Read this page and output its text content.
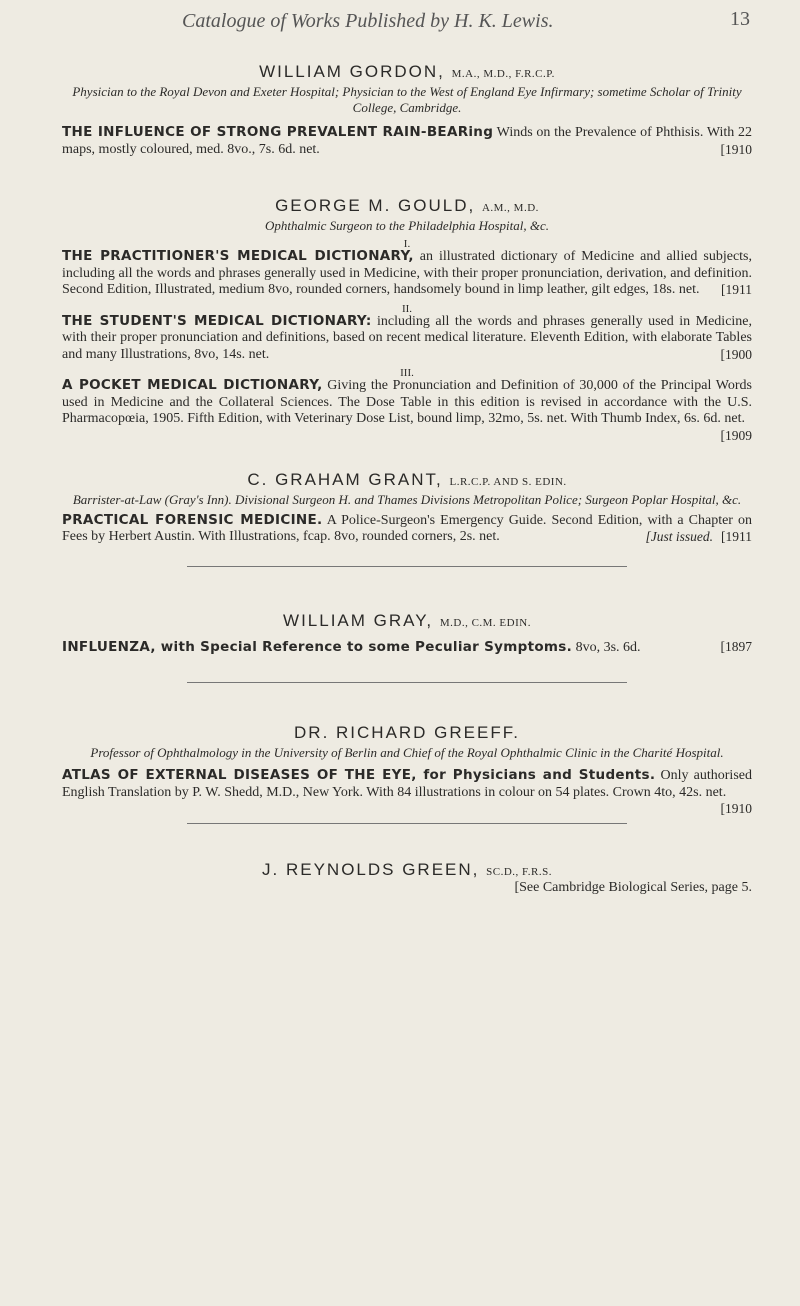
Catalogue of Works Published by H. K. Lewis.	13

WILLIAM GORDON, M.A., M.D., F.R.C.P.

Physician to the Royal Devon and Exeter Hospital; Physician to the West of England Eye Infirmary; sometime Scholar of Trinity College, Cambridge.

THE INFLUENCE OF STRONG PREVALENT RAIN-BEARing Winds on the Prevalence of Phthisis. With 22 maps, mostly coloured, med. 8vo., 7s. 6d. net.	[1910

GEORGE M. GOULD, A.M., M.D.

Ophthalmic Surgeon to the Philadelphia Hospital, &c.

I.

THE PRACTITIONER'S MEDICAL DICTIONARY, an illustrated dictionary of Medicine and allied subjects, including all the words and phrases generally used in Medicine, with their proper pronunciation, derivation, and definition. Second Edition, Illustrated, medium 8vo, rounded corners, handsomely bound in limp leather, gilt edges, 18s. net. [1911

II.

THE STUDENT'S MEDICAL DICTIONARY: including all the words and phrases generally used in Medicine, with their proper pronunciation and definitions, based on recent medical literature. Eleventh Edition, with elaborate Tables and many Illustrations, 8vo, 14s. net.	[1900

III.

A POCKET MEDICAL DICTIONARY, Giving the Pronunciation and Definition of 30,000 of the Principal Words used in Medicine and the Collateral Sciences. The Dose Table in this edition is revised in accordance with the U.S. Pharmacopœia, 1905. Fifth Edition, with Veterinary Dose List, bound limp, 32mo, 5s. net. With Thumb Index, 6s. 6d. net.
[1909

C. GRAHAM GRANT, L.R.C.P. AND S. EDIN.

Barrister-at-Law (Gray's Inn). Divisional Surgeon H. and Thames Divisions Metropolitan Police; Surgeon Poplar Hospital, &c.

PRACTICAL FORENSIC MEDICINE. A Police-Surgeon's Emergency Guide. Second Edition, with a Chapter on Fees by Herbert Austin. With Illustrations, fcap. 8vo, rounded corners, 2s. net.	[1911
[Just issued.

WILLIAM GRAY, M.D., C.M. EDIN.

INFLUENZA, with Special Reference to some Peculiar Symptoms. 8vo, 3s. 6d.	[1897

DR. RICHARD GREEFF.

Professor of Ophthalmology in the University of Berlin and Chief of the Royal Ophthalmic Clinic in the Charité Hospital.

ATLAS OF EXTERNAL DISEASES OF THE EYE, for Physicians and Students. Only authorised English Translation by P. W. Shedd, M.D., New York. With 84 illustrations in colour on 54 plates. Crown 4to, 42s. net.
[1910

J. REYNOLDS GREEN, SC.D., F.R.S.

[See Cambridge Biological Series, page 5.
